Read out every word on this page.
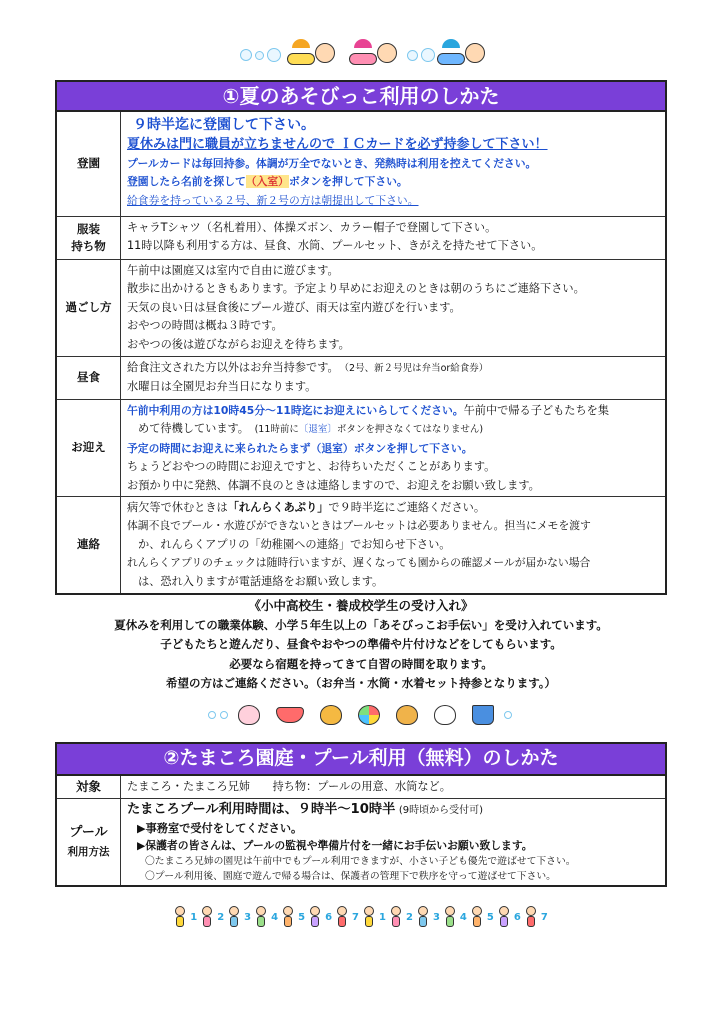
①夏のあそびっこ利用のしかた
登園
９時半迄に登園して下さい。
夏休みは門に職員が立ちませんので ＩＣカードを必ず持参して下さい！
プールカードは毎回持参。体調が万全でないとき、発熱時は利用を控えてください。
登園したら名前を探して（入室）ボタンを押して下さい。
給食券を持っている２号、新２号の方は朝提出して下さい。
服装
持ち物
キャラTシャツ（名札着用）、体操ズボン、カラー帽子で登園して下さい。
11時以降も利用する方は、昼食、水筒、プールセット、きがえを持たせて下さい。
過ごし方
午前中は園庭又は室内で自由に遊びます。
散歩に出かけるときもあります。予定より早めにお迎えのときは朝のうちにご連絡下さい。
天気の良い日は昼食後にプール遊び、雨天は室内遊びを行います。
おやつの時間は概ね３時です。
おやつの後は遊びながらお迎えを待ちます。
昼食
給食注文された方以外はお弁当持参です。　 （2号、新２号児は弁当or給食券）
水曜日は全園児お弁当日になります。
お迎え
午前中利用の方は10時45分～11時迄にお迎えにいらしてください。午前中で帰る子どもたちを集
めて待機しています。　 (11時前に〔退室〕ボタンを押さなくてはなりません)
予定の時間にお迎えに来られたらまず（退室）ボタンを押して下さい。
ちょうどおやつの時間にお迎えですと、お待ちいただくことがあります。
お預かり中に発熱、体調不良のときは連絡しますので、お迎えをお願い致します。
連絡
病欠等で休むときは「れんらくあぷり」で９時半迄にご連絡ください。
体調不良でプール・水遊びができないときはプールセットは必要ありません。担当にメモを渡す
か、れんらくアプリの「幼稚園への連絡」でお知らせ下さい。
れんらくアプリのチェックは随時行いますが、遅くなっても園からの確認メールが届かない場合
は、恐れ入りますが電話連絡をお願い致します。
《小中高校生・養成校学生の受け入れ》
夏休みを利用しての職業体験、小学５年生以上の「あそびっこお手伝い」を受け入れています。
子どもたちと遊んだり、昼食やおやつの準備や片付けなどをしてもらいます。
必要なら宿題を持ってきて自習の時間を取ります。
希望の方はご連絡ください。（お弁当・水筒・水着セット持参となります。）
②たまころ園庭・プール利用（無料）のしかた
対象	たまころ・たまころ兄姉　　持ち物：プールの用意、水筒など。
プール
利用方法
たまころプール利用時間は、９時半～10時半 (9時頃から受付可)
▶事務室で受付をしてください。
▶保護者の皆さんは、プールの監視や準備片付を一緒にお手伝いお願い致します。
〇たまころ兄姉の園児は午前中でもプール利用できますが、小さい子ども優先で遊ばせて下さい。
〇プール利用後、園庭で遊んで帰る場合は、保護者の管理下で秩序を守って遊ばせて下さい。
1 2 3 4 5 6 7 1 2 3 4 5 6 7
